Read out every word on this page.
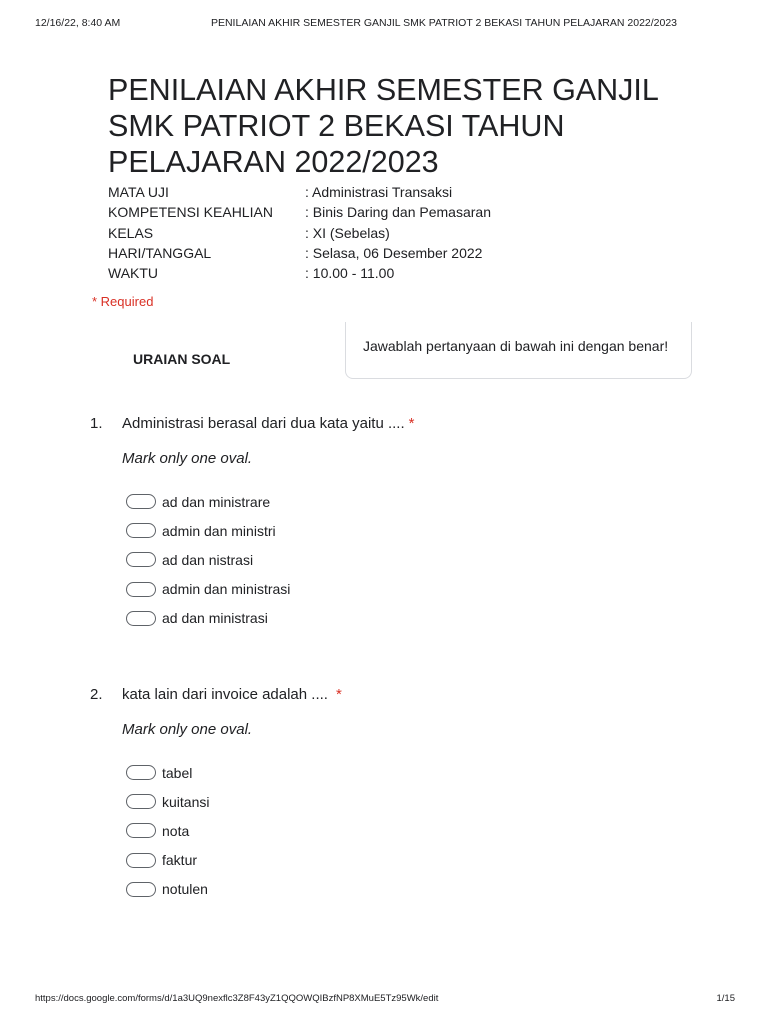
12/16/22, 8:40 AM	PENILAIAN AKHIR SEMESTER GANJIL SMK PATRIOT 2 BEKASI TAHUN PELAJARAN 2022/2023
PENILAIAN AKHIR SEMESTER GANJIL SMK PATRIOT 2 BEKASI TAHUN PELAJARAN 2022/2023
MATA UJI	: Administrasi Transaksi
KOMPETENSI KEAHLIAN	: Binis Daring dan Pemasaran
KELAS	: XI (Sebelas)
HARI/TANGGAL	: Selasa, 06 Desember 2022
WAKTU	: 10.00 - 11.00
* Required
URAIAN SOAL
Jawablah pertanyaan di bawah ini dengan benar!
1. Administrasi berasal dari dua kata yaitu .... *
Mark only one oval.
ad dan ministrare
admin dan ministri
ad dan nistrasi
admin dan ministrasi
ad dan ministrasi
2. kata lain dari invoice adalah .... *
Mark only one oval.
tabel
kuitansi
nota
faktur
notulen
https://docs.google.com/forms/d/1a3UQ9nexflc3Z8F43yZ1QQOWQIBzfNP8XMuE5Tz95Wk/edit	1/15
